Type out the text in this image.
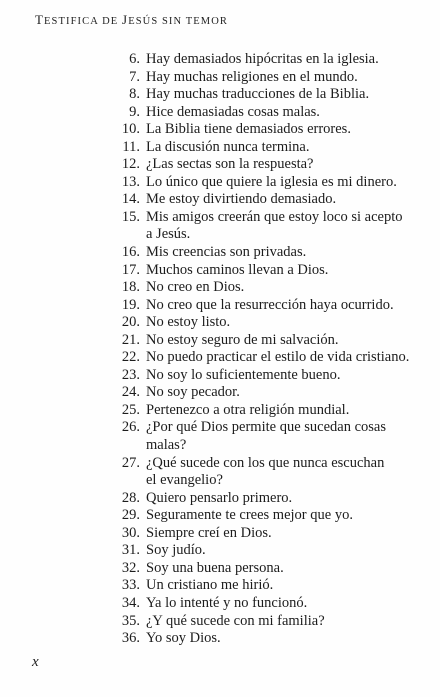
TESTIFICA DE JESÚS SIN TEMOR
6. Hay demasiados hipócritas en la iglesia.
7. Hay muchas religiones en el mundo.
8. Hay muchas traducciones de la Biblia.
9. Hice demasiadas cosas malas.
10. La Biblia tiene demasiados errores.
11. La discusión nunca termina.
12. ¿Las sectas son la respuesta?
13. Lo único que quiere la iglesia es mi dinero.
14. Me estoy divirtiendo demasiado.
15. Mis amigos creerán que estoy loco si acepto
a Jesús.
16. Mis creencias son privadas.
17. Muchos caminos llevan a Dios.
18. No creo en Dios.
19. No creo que la resurrección haya ocurrido.
20. No estoy listo.
21. No estoy seguro de mi salvación.
22. No puedo practicar el estilo de vida cristiano.
23. No soy lo suficientemente bueno.
24. No soy pecador.
25. Pertenezco a otra religión mundial.
26. ¿Por qué Dios permite que sucedan cosas
malas?
27. ¿Qué sucede con los que nunca escuchan
el evangelio?
28. Quiero pensarlo primero.
29. Seguramente te crees mejor que yo.
30. Siempre creí en Dios.
31. Soy judío.
32. Soy una buena persona.
33. Un cristiano me hirió.
34. Ya lo intenté y no funcionó.
35. ¿Y qué sucede con mi familia?
36. Yo soy Dios.
x
